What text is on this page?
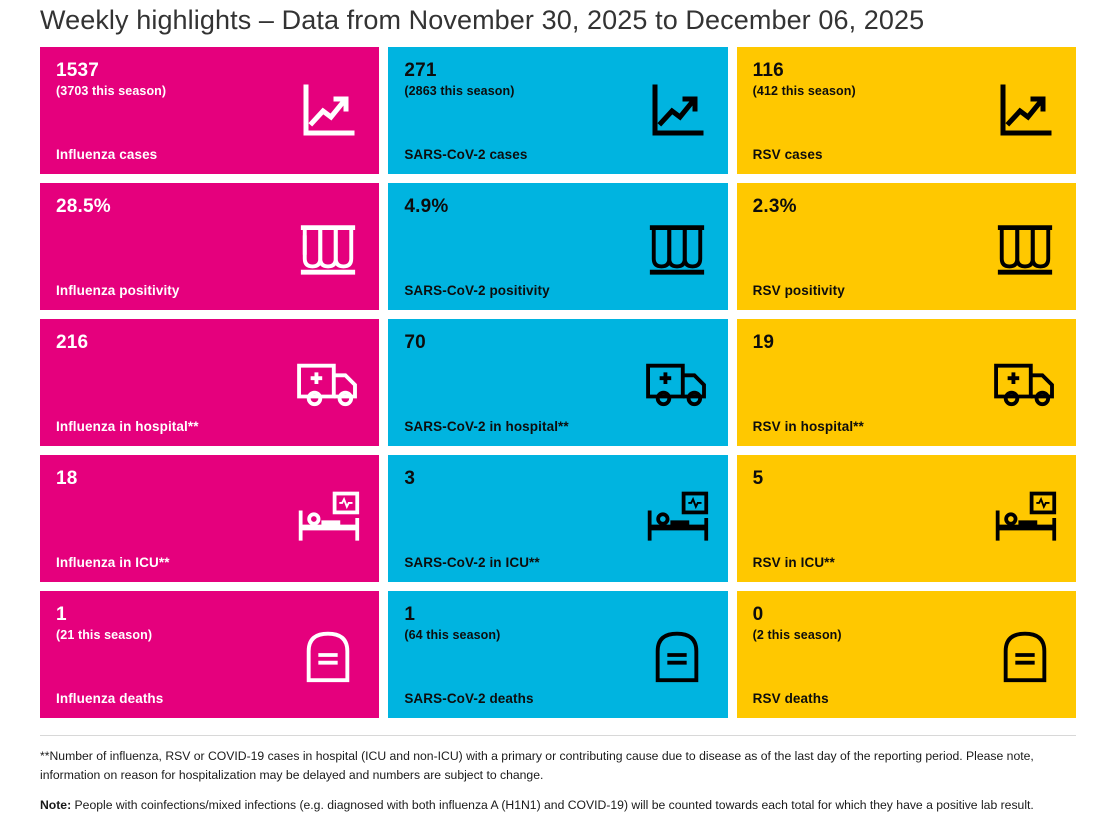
Weekly highlights – Data from November 30, 2025 to December 06, 2025
1537
(3703 this season)
Influenza cases
271
(2863 this season)
SARS-CoV-2 cases
116
(412 this season)
RSV cases
28.5%
Influenza positivity
4.9%
SARS-CoV-2 positivity
2.3%
RSV positivity
216
Influenza in hospital**
70
SARS-CoV-2 in hospital**
19
RSV in hospital**
18
Influenza in ICU**
3
SARS-CoV-2 in ICU**
5
RSV in ICU**
1
(21 this season)
Influenza deaths
1
(64 this season)
SARS-CoV-2 deaths
0
(2 this season)
RSV deaths
**Number of influenza, RSV or COVID-19 cases in hospital (ICU and non-ICU) with a primary or contributing cause due to disease as of the last day of the reporting period. Please note, information on reason for hospitalization may be delayed and numbers are subject to change.
Note: People with coinfections/mixed infections (e.g. diagnosed with both influenza A (H1N1) and COVID-19) will be counted towards each total for which they have a positive lab result.
